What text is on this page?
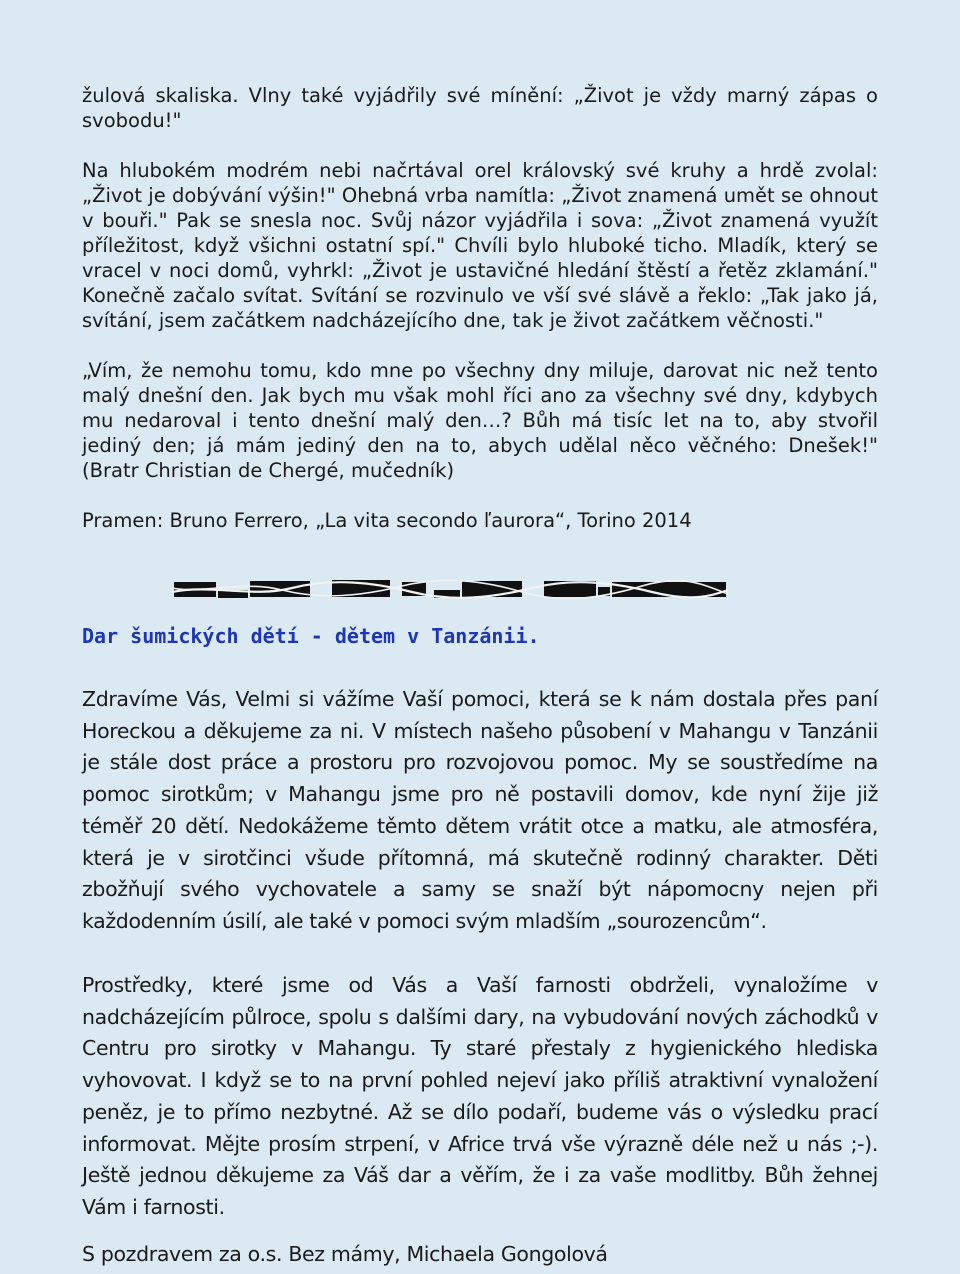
žulová skaliska. Vlny také vyjádřily své mínění: „Život je vždy marný zápas o svobodu!"

Na hlubokém modrém nebi načrtával orel královský své kruhy a hrdě zvolal: „Život je dobývání výšin!" Ohebná vrba namítla: „Život znamená umět se ohnout v bouři." Pak se snesla noc. Svůj názor vyjádřila i sova: „Život znamená využít příležitost, když všichni ostatní spí." Chvíli bylo hluboké ticho. Mladík, který se vracel v noci domů, vyhrkl: „Život je ustavičné hledání štěstí a řetěz zklamání." Konečně začalo svítat. Svítání se rozvinulo ve vší své slávě a řeklo: „Tak jako já, svítání, jsem začátkem nadcházejícího dne, tak je život začátkem věčnosti."

„Vím, že nemohu tomu, kdo mne po všechny dny miluje, darovat nic než tento malý dnešní den. Jak bych mu však mohl říci ano za všechny své dny, kdybych mu nedaroval i tento dnešní malý den…? Bůh má tisíc let na to, aby stvořil jediný den; já mám jediný den na to, abych udělal něco věčného: Dnešek!" (Bratr Christian de Chergé, mučedník)

Pramen: Bruno Ferrero, „La vita secondo ľaurora“, Torino 2014

Dar šumických dětí - dětem v Tanzánii.

Zdravíme Vás, Velmi si vážíme Vaší pomoci, která se k nám dostala přes paní Horeckou a děkujeme za ni. V místech našeho působení v Mahangu v Tanzánii je stále dost práce a prostoru pro rozvojovou pomoc. My se soustředíme na pomoc sirotkům; v Mahangu jsme pro ně postavili domov, kde nyní žije již téměř 20 dětí. Nedokážeme těmto dětem vrátit otce a matku, ale atmosféra, která je v sirotčinci všude přítomná, má skutečně rodinný charakter. Děti zbožňují svého vychovatele a samy se snaží být nápomocny nejen při každodenním úsilí, ale také v pomoci svým mladším „sourozencům“.

Prostředky, které jsme od Vás a Vaší farnosti obdrželi, vynaložíme v nadcházejícím půlroce, spolu s dalšími dary, na vybudování nových záchodků v Centru pro sirotky v Mahangu. Ty staré přestaly z hygienického hlediska vyhovovat. I když se to na první pohled nejeví jako příliš atraktivní vynaložení peněz, je to přímo nezbytné. Až se dílo podaří, budeme vás o výsledku prací informovat. Mějte prosím strpení, v Africe trvá vše výrazně déle než u nás ;-). Ještě jednou děkujeme za Váš dar a věřím, že i za vaše modlitby. Bůh žehnej Vám i farnosti.

S pozdravem za o.s. Bez mámy, Michaela Gongolová
